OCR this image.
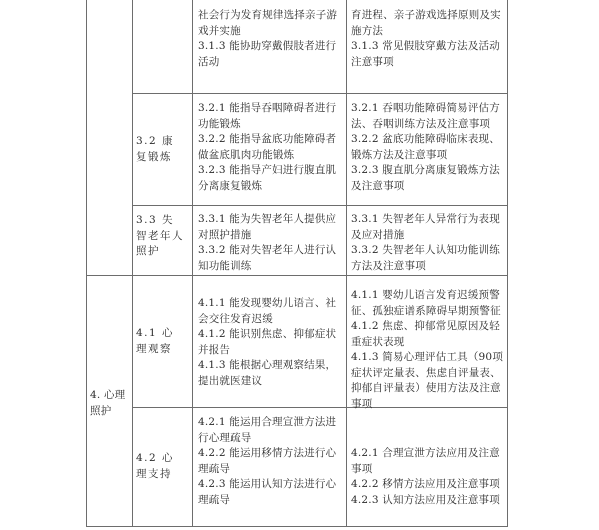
社会行为发育规律选择亲子游戏并实施

3.1.3 能协助穿戴假肢者进行活动

育进程、亲子游戏选择原则及实施方法

3.1.3 常见假肢穿戴方法及活动注意事项

3.2 康复锻炼

3.2.1 能指导吞咽障碍者进行功能锻炼

3.2.2 能指导盆底功能障碍者做盆底肌肉功能锻炼

3.2.3 能指导产妇进行腹直肌分离康复锻炼

3.2.1 吞咽功能障碍简易评估方法、吞咽训练方法及注意事项

3.2.2 盆底功能障碍临床表现、锻炼方法及注意事项

3.2.3 腹直肌分离康复锻炼方法及注意事项

3.3 失智老年人照护

3.3.1 能为失智老年人提供应对照护措施

3.3.2 能对失智老年人进行认知功能训练

3.3.1 失智老年人异常行为表现及应对措施

3.3.2 失智老年人认知功能训练方法及注意事项

4. 心理照护
4.1 心理观察

4.1.1 能发现婴幼儿语言、社会交往发育迟缓

4.1.2 能识别焦虑、抑郁症状并报告

4.1.3 能根据心理观察结果，提出就医建议

4.1.1 婴幼儿语言发育迟缓预警征、孤独症谱系障碍早期预警征

4.1.2 焦虑、抑郁常见原因及轻重症状表现

4.1.3 简易心理评估工具（90项症状评定量表、焦虑自评量表、抑郁自评量表）使用方法及注意事项

4.2 心理支持

4.2.1 能运用合理宣泄方法进行心理疏导

4.2.2 能运用移情方法进行心理疏导

4.2.3 能运用认知方法进行心理疏导

4.2.1 合理宣泄方法应用及注意事项

4.2.2 移情方法应用及注意事项

4.2.3 认知方法应用及注意事项
